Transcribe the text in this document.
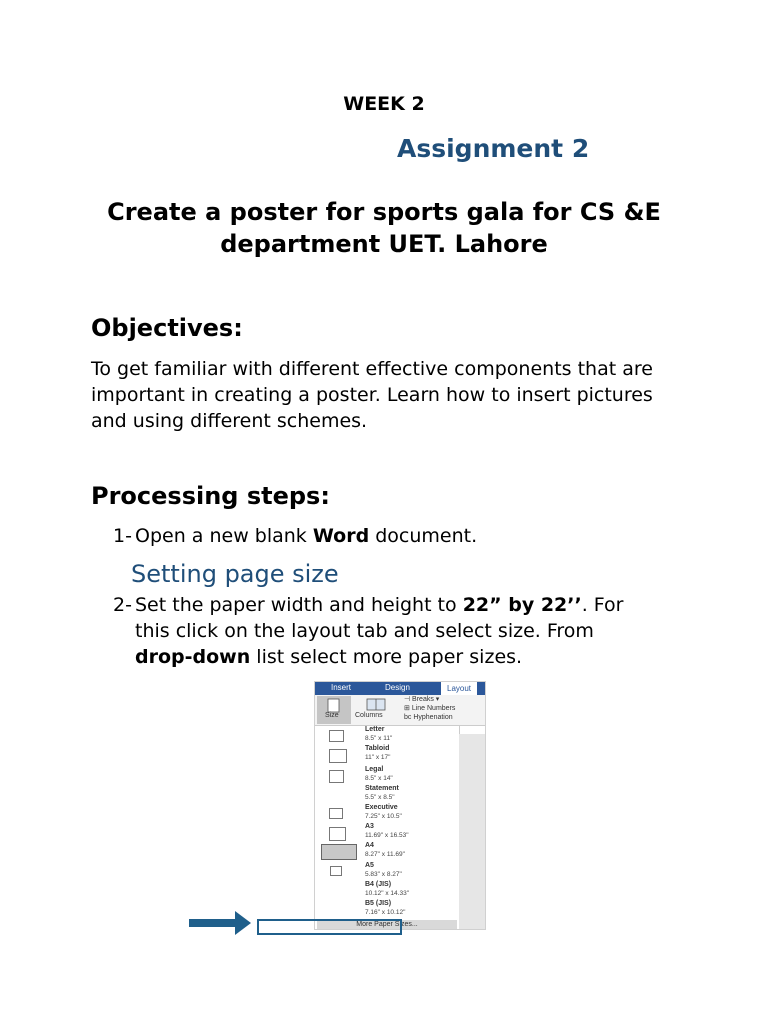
WEEK 2
Assignment 2
Create a poster for sports gala for CS &E department UET. Lahore
Objectives:
To get familiar with different effective components that are important in creating a poster. Learn how to insert pictures and using different schemes.
Processing steps:
1- Open a new blank Word document.
Setting page size
2- Set the paper width and height to 22” by 22’’. For
this click on the layout tab and select size. From
drop-down list select more paper sizes.
Insert	Design	Layout
Size Columns
⊣ Breaks ▾
⊞ Line Numbers
bc Hyphenation
Letter
8.5" x 11"
Tabloid
11" x 17"
Legal
8.5" x 14"
Statement
5.5" x 8.5"
Executive
7.25" x 10.5"
A3
11.69" x 16.53"
A4
8.27" x 11.69"
A5
5.83" x 8.27"
B4 (JIS)
10.12" x 14.33"
B5 (JIS)
7.16" x 10.12"
More Paper Sizes...
